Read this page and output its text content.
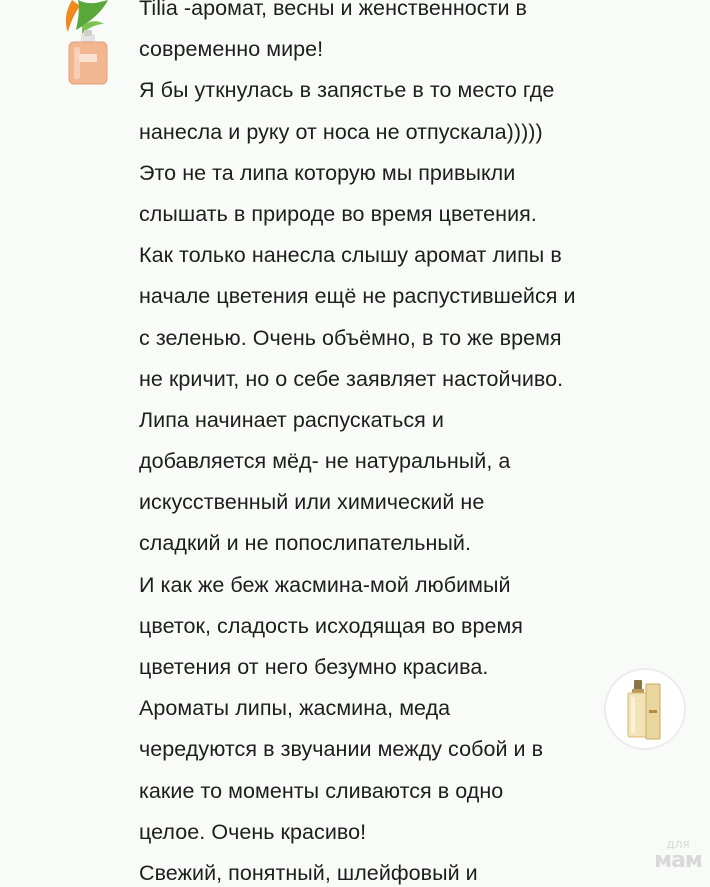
Tilia -аромат, весны и женственности в
современно мире!
Я бы уткнулась в запястье в то место где
нанесла и руку от носа не отпускала)))))
Это не та липа которую мы привыкли
слышать в природе во время цветения.
Как только нанесла слышу аромат липы в
начале цветения ещё не распустившейся и
с зеленью. Очень объёмно, в то же время
не кричит, но о себе заявляет настойчиво.
Липа начинает распускаться и
добавляется мёд- не натуральный, а
искусственный или химический не
сладкий и не попослипательный.
И как же беж жасмина-мой любимый
цветок, сладость исходящая во время
цветения от него безумно красива.
Ароматы липы, жасмина, меда
чередуются в звучании между собой и в
какие то моменты сливаются в одно
целое. Очень красиво!
Свежий, понятный, шлейфовый и
для
мам
